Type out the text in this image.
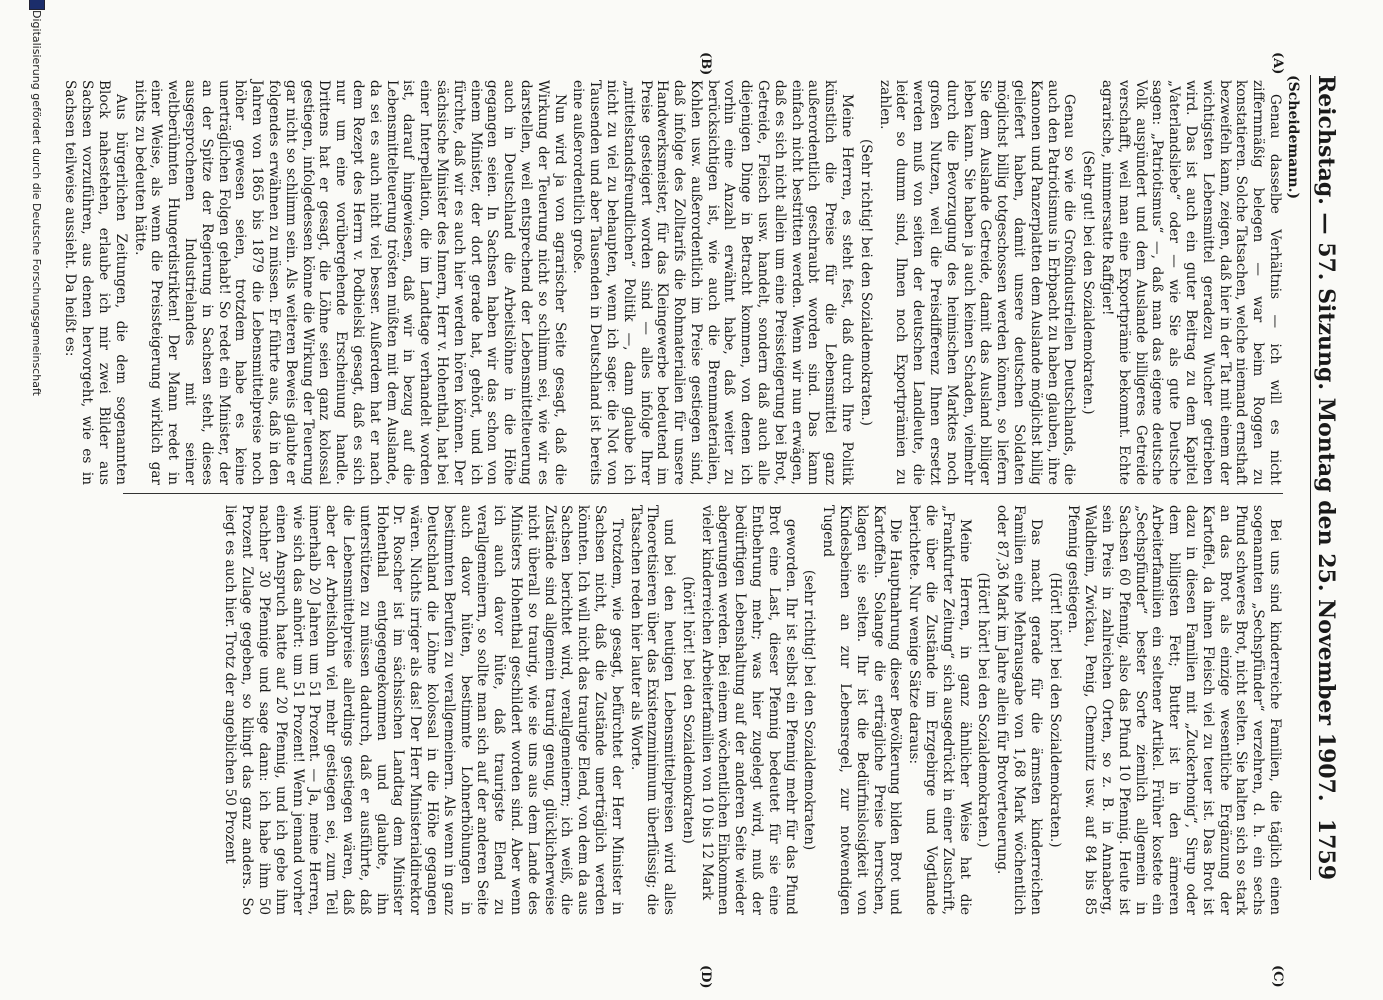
Reichstag. — 57. Sitzung. Montag den 25. November 1907.
1759
(Scheidemann.)
(A)
(B)
(C)
(D)

Genau dasselbe Verhältnis — ich will es nicht ziffernmäßig belegen — war beim Roggen zu konstatieren. Solche Tatsachen, welche niemand ernsthaft bezweifeln kann, zeigen, daß hier in der Tat mit einem der wichtigsten Lebensmittel geradezu Wucher getrieben wird. Das ist auch ein guter Beitrag zu dem Kapitel „Vaterlandsliebe“ oder — wie Sie als gute Deutsche sagen: „Patriotismus“ —, daß man das eigene deutsche Volk auspündert und dem Auslande billigeres Getreide verschafft, weil man eine Exportprämie bekommt. Echte agrarische, nimmersatte Raffgier!

(Sehr gut! bei den Sozialdemokraten.)

Genau so wie die Großindustriellen Deutschlands, die auch den Patriotismus in Erbpacht zu haben glauben, ihre Kanonen und Panzerplatten dem Auslande möglichst billig geliefert haben, damit unsere deutschen Soldaten möglichst billig totgeschossen werden können, so liefern Sie dem Auslande Getreide, damit das Ausland billiger leben kann. Sie haben ja auch keinen Schaden, vielmehr durch die Bevorzugung des heimischen Marktes noch großen Nutzen, weil die Preisdifferenz Ihnen ersetzt werden muß von seiten der deutschen Landleute, die leider so dumm sind, Ihnen noch Exportprämien zu zahlen.

(Sehr richtig! bei den Sozialdemokraten.)

Meine Herren, es steht fest, daß durch Ihre Politik künstlich die Preise für die Lebensmittel ganz außerordentlich geschraubt worden sind. Das kann einfach nicht bestritten werden. Wenn wir nun erwägen, daß es sich nicht allein um eine Preissteigerung bei Brot, Getreide, Fleisch usw. handelt, sondern daß auch alle diejenigen Dinge in Betracht kommen, von denen ich vorhin eine Anzahl erwähnt habe, daß weiter zu berücksichtigen ist, wie auch die Brennmaterialien, Kohlen usw. außerordentlich im Preise gestiegen sind, daß infolge des Zolltarifs die Rohmaterialien für unsere Handwerksmeister, für das Kleingewerbe bedeutend im Preise gesteigert worden sind — alles infolge Ihrer „mittelstandsfreundlichen“ Politik —, dann glaube ich nicht zu viel zu behaupten, wenn ich sage: die Not von Tausenden und aber Tausenden in Deutschland ist bereits eine außerordentlich große.

Nun wird ja von agrarischer Seite gesagt, daß die Wirkung der Teuerung nicht so schlimm sei, wie wir es darstellen, weil entsprechend der Lebensmittelteuerung auch in Deutschland die Arbeitslöhne in die Höhe gegangen seien. In Sachsen haben wir das schon von einem Minister, der dort gerade hat, gehört, und ich fürchte, daß wir es auch hier werden hören können. Der sächsische Minister des Innern, Herr v. Hohenthal, hat bei einer Interpellation, die im Landtage verhandelt worden ist, darauf hingewiesen, daß wir in bezug auf die Lebensmittelteuerung trösten müßten mit dem Auslande, da sei es auch nicht viel besser. Außerdem hat er nach dem Rezept des Herrn v. Podbielski gesagt, daß es sich nur um eine vorübergehende Erscheinung handle. Drittens hat er gesagt, die Löhne seien ganz kolossal gestiegen, infolgedessen könne die Wirkung der Teuerung gar nicht so schlimm sein. Als weiteren Beweis glaubte er folgendes erwähnen zu müssen. Er führte aus, daß in den Jahren von 1865 bis 1879 die Lebensmittelpreise noch höher gewesen seien, trotzdem habe es keine unerträglichen Folgen gehabt! So redet ein Minister, der an der Spitze der Regierung in Sachsen steht, dieses ausgesprochenen Industrielandes mit seiner weltberühmten Hungerdistrikten! Der Mann redet in einer Weise, als wenn die Preissteigerung wirklich gar nichts zu bedeuten hätte.

Aus bürgerlichen Zeitungen, die dem sogenannten Block nahestehen, erlaube ich mir zwei Bilder aus Sachsen vorzuführen, aus denen hervorgeht, wie es in Sachsen teilweise aussieht. Da heißt es:

Bei uns sind kinderreiche Familien, die täglich einen sogenannten „Sechspfünder“ verzehren, d. h. ein sechs Pfund schweres Brot, nicht selten. Sie halten sich so stark an das Brot als einzige wesentliche Ergänzung der Kartoffel, da ihnen Fleisch viel zu teuer ist. Das Brot ist dazu in diesen Familien mit „Zuckerhonig“, Sirup oder dem billigsten Fett; Butter ist in den ärmeren Arbeiterfamilien ein seltener Artikel. Früher kostete ein „Sechspfünder“ bester Sorte ziemlich allgemein in Sachsen 60 Pfennig, also das Pfund 10 Pfennig. Heute ist sein Preis in zahlreichen Orten, so z. B. in Annaberg, Waldheim, Zwickau, Penig, Chemnitz usw. auf 84 bis 85 Pfennig gestiegen.

(Hört! hört! bei den Sozialdemokraten.)

Das macht gerade für die ärmsten kinderreichen Familien eine Mehrausgabe von 1,68 Mark wöchentlich oder 87,36 Mark im Jahre allein für Brotverteuerung.

(Hört! hört! bei den Sozialdemokraten.)

Meine Herren, in ganz ähnlicher Weise hat die „Frankfurter Zeitung“ sich ausgedrückt in einer Zuschrift, die über die Zustände im Erzgebirge und Vogtlande berichtete. Nur wenige Sätze daraus:

Die Hauptnahrung dieser Bevölkerung bilden Brot und Kartoffeln. Solange die erträgliche Preise herrschen, klagen sie selten. Ihr ist die Bedürfnislosigkeit von Kindesbeinen an zur Lebensregel, zur notwendigen Tugend

(sehr richtig! bei den Sozialdemokraten)

geworden. Ihr ist selbst ein Pfennig mehr für das Pfund Brot eine Last, dieser Pfennig bedeutet für sie eine Entbehrung mehr; was hier zugelegt wird, muß der bedürftigen Lebenshaltung auf der anderen Seite wieder abgerungen werden. Bei einem wöchentlichen Einkommen vieler kinderreichen Arbeiterfamilien von 10 bis 12 Mark

(hört! hört! bei den Sozialdemokraten)

und bei den heutigen Lebensmittelpreisen wird alles Theoretisieren über das Existenzminimum überflüssig; die Tatsachen reden hier lauter als Worte.

Trotzdem, wie gesagt, befürchtet der Herr Minister in Sachsen nicht, daß die Zustände unerträglich werden könnten. Ich will nicht das traurige Elend, von dem da aus Sachsen berichtet wird, verallgemeinern; ich weiß, die Zustände sind allgemein traurig genug, glücklicherweise nicht überall so traurig, wie sie uns aus dem Lande des Ministers Hohenthal geschildert worden sind. Aber wenn ich auch davor hüte, daß traurigste Elend zu verallgemeinern, so sollte man sich auf der anderen Seite auch davor hüten, bestimmte Lohnerhöhungen in bestimmten Berufen zu verallgemeinern. Als wenn in ganz Deutschland die Löhne kolossal in die Höhe gegangen wären. Nichts irriger als das! Der Herr Ministerialdirektor Dr. Roscher ist im sächsischen Landtag dem Minister Hohenthal entgegengekommen und glaubte, ihn unterstützen zu müssen dadurch, daß er ausführte, daß die Lebensmittelpreise allerdings gestiegen wären, daß aber der Arbeitslohn viel mehr gestiegen sei, zum Teil innerhalb 20 Jahren um 51 Prozent. — Ja, meine Herren, wie sich das anhört: um 51 Prozent! Wenn jemand vorher einen Anspruch hatte auf 20 Pfennig, und ich gebe ihm nachher 30 Pfennige und sage dann: ich habe ihm 50 Prozent Zulage gegeben, so klingt das ganz anders. So liegt es auch hier. Trotz der angeblichen 50 Prozent

Digitalisierung gefördert durch die Deutsche Forschungsgemeinschaft
